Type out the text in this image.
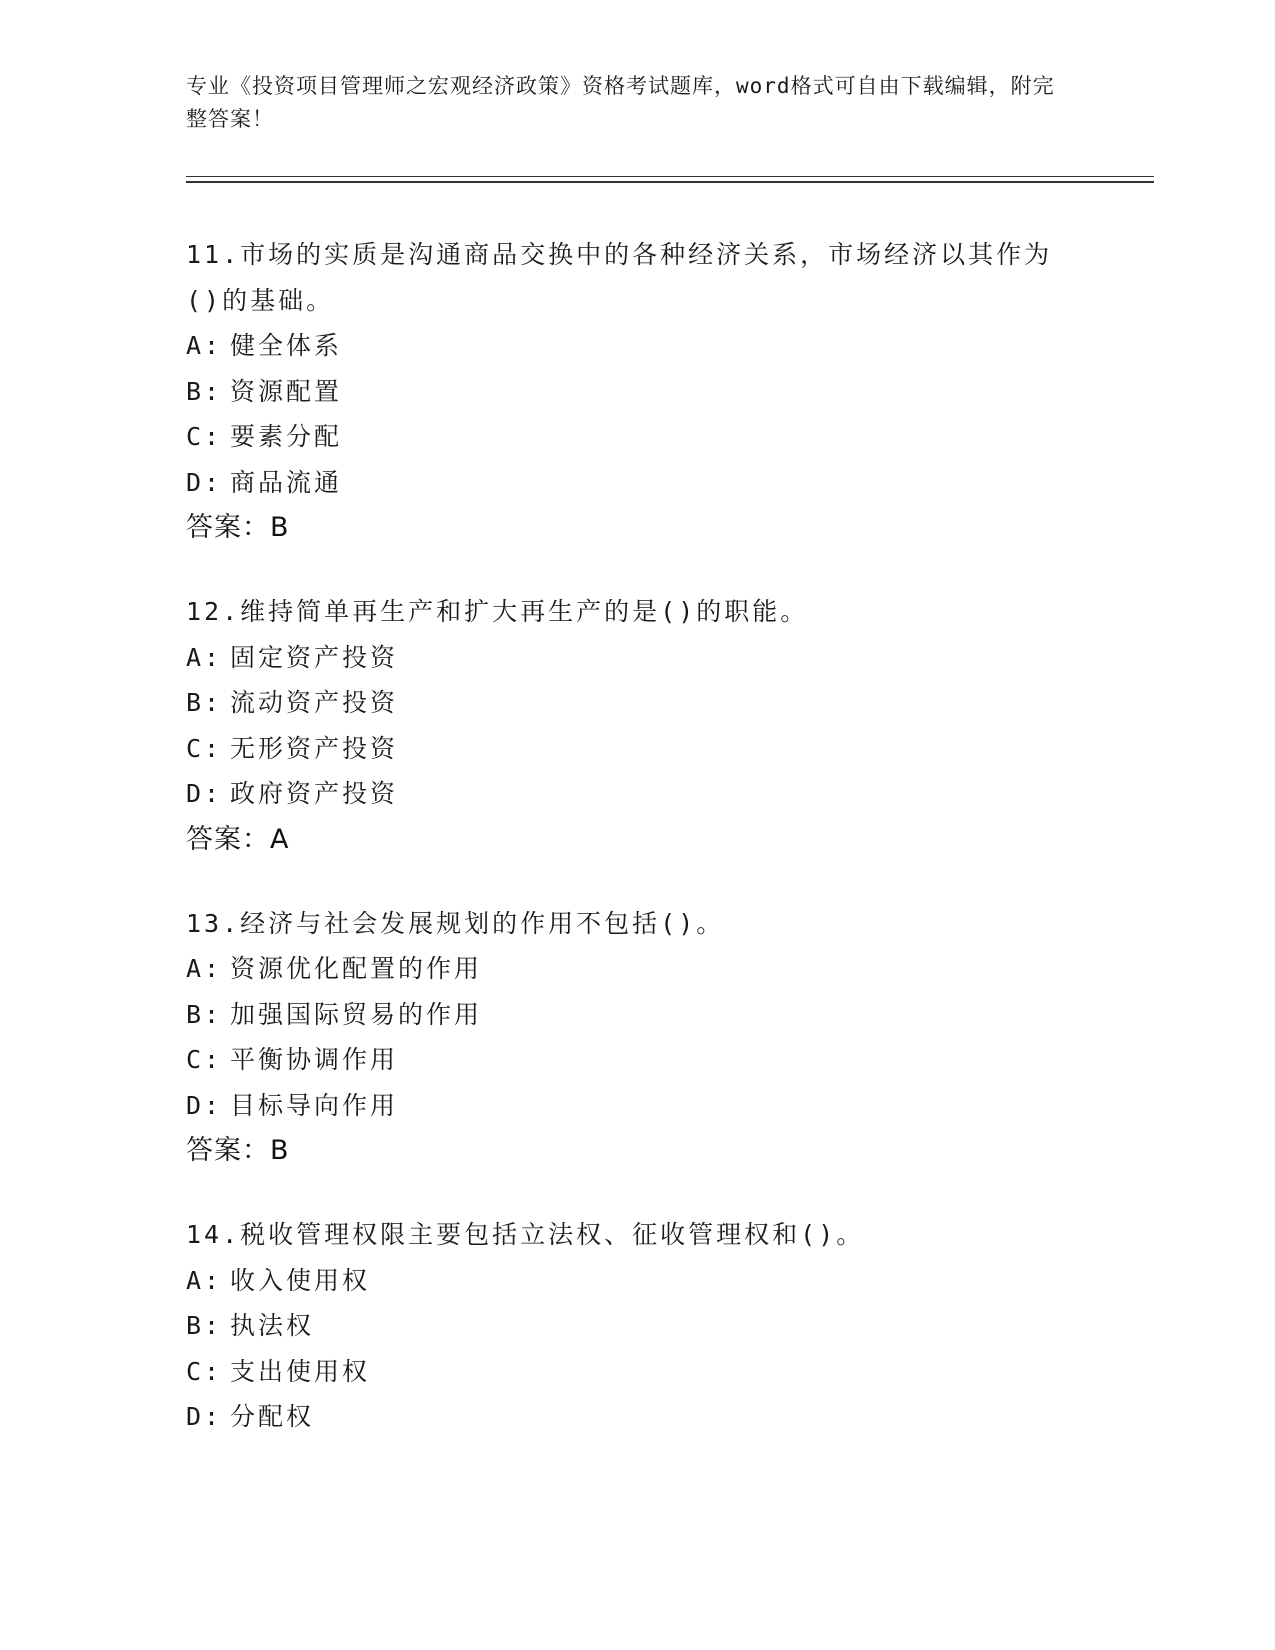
专业《投资项目管理师之宏观经济政策》资格考试题库，word格式可自由下载编辑，附完整答案！
11.市场的实质是沟通商品交换中的各种经济关系，市场经济以其作为()的基础。
A: 健全体系
B: 资源配置
C: 要素分配
D: 商品流通
答案：B
12.维持简单再生产和扩大再生产的是()的职能。
A: 固定资产投资
B: 流动资产投资
C: 无形资产投资
D: 政府资产投资
答案：A
13.经济与社会发展规划的作用不包括()。
A: 资源优化配置的作用
B: 加强国际贸易的作用
C: 平衡协调作用
D: 目标导向作用
答案：B
14.税收管理权限主要包括立法权、征收管理权和()。
A: 收入使用权
B: 执法权
C: 支出使用权
D: 分配权
